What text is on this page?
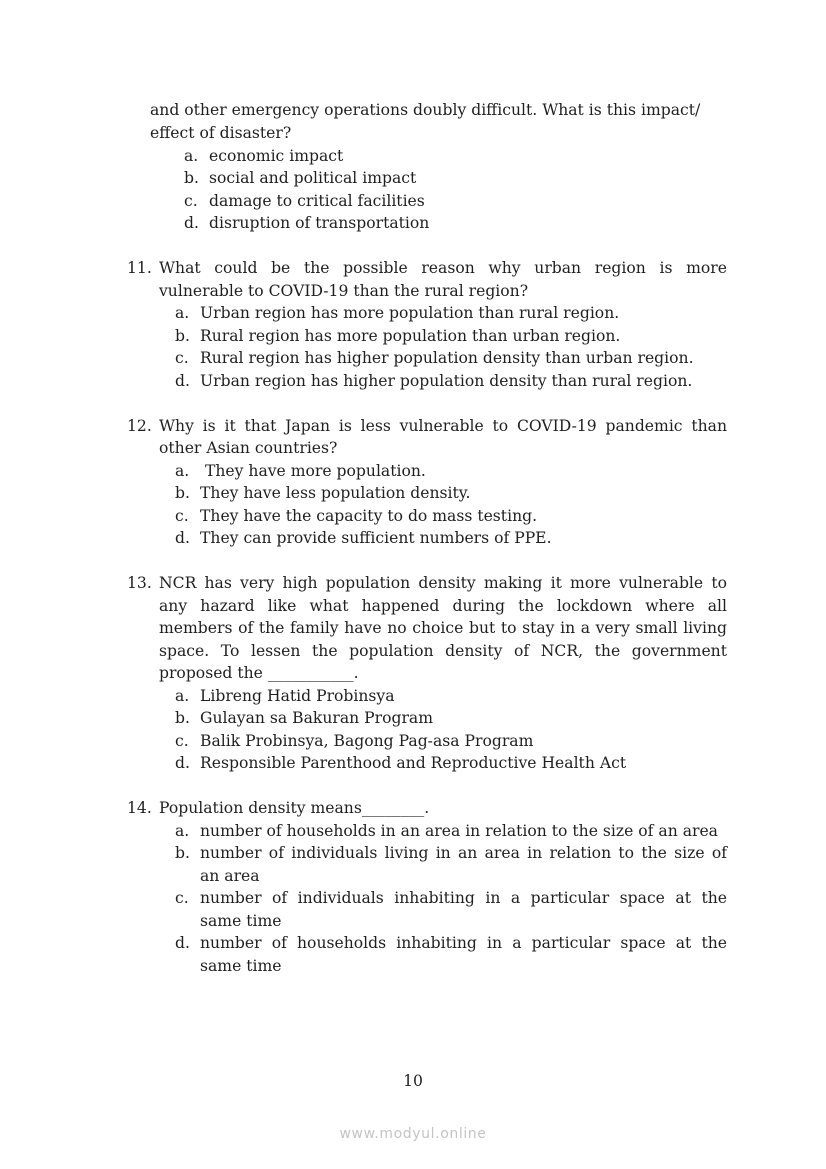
and other emergency operations doubly difficult. What is this impact/
effect of disaster?
a. economic impact
b. social and political impact
c. damage to critical facilities
d. disruption of transportation
11. What could be the possible reason why urban region is more
vulnerable to COVID-19 than the rural region?
a. Urban region has more population than rural region.
b. Rural region has more population than urban region.
c. Rural region has higher population density than urban region.
d. Urban region has higher population density than rural region.
12. Why is it that Japan is less vulnerable to COVID-19 pandemic than
other Asian countries?
a. They have more population.
b. They have less population density.
c. They have the capacity to do mass testing.
d. They can provide sufficient numbers of PPE.
13. NCR has very high population density making it more vulnerable to
any hazard like what happened during the lockdown where all
members of the family have no choice but to stay in a very small living
space. To lessen the population density of NCR, the government
proposed the ___________.
a. Libreng Hatid Probinsya
b. Gulayan sa Bakuran Program
c. Balik Probinsya, Bagong Pag-asa Program
d. Responsible Parenthood and Reproductive Health Act
14. Population density means________.
a. number of households in an area in relation to the size of an area
b. number of individuals living in an area in relation to the size of
an area
c. number of individuals inhabiting in a particular space at the
same time
d. number of households inhabiting in a particular space at the
same time
10
www.modyul.online
